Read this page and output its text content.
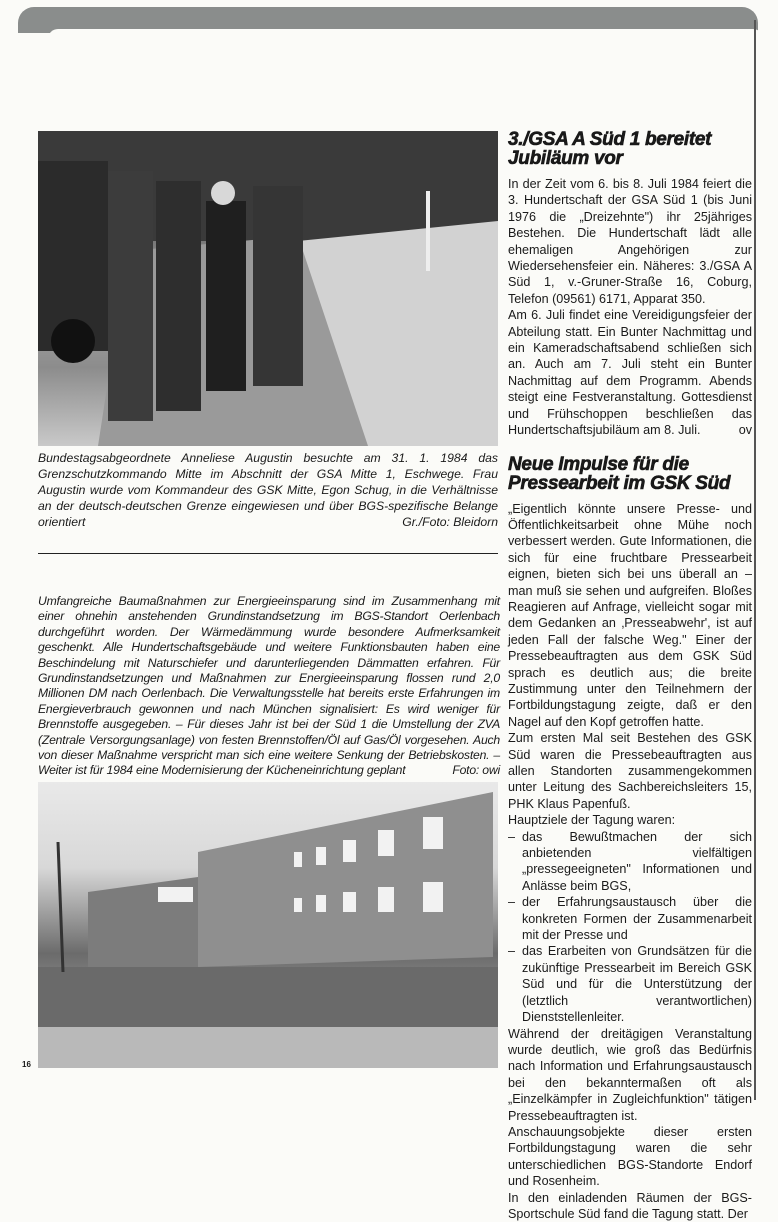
Bundestagsabgeordnete Anneliese Augustin besuchte am 31. 1. 1984 das Grenzschutzkommando Mitte im Abschnitt der GSA Mitte 1, Eschwege. Frau Augustin wurde vom Kommandeur des GSK Mitte, Egon Schug, in die Verhältnisse an der deutsch-deutschen Grenze eingewiesen und über BGS-spezifische Belange orientiert	Gr./Foto: Bleidorn
Umfangreiche Baumaßnahmen zur Energieeinsparung sind im Zusammenhang mit einer ohnehin anstehenden Grundinstandsetzung im BGS-Standort Oerlenbach durchgeführt worden. Der Wärmedämmung wurde besondere Aufmerksamkeit geschenkt. Alle Hundertschaftsgebäude und weitere Funktionsbauten haben eine Beschindelung mit Naturschiefer und darunterliegenden Dämmatten erfahren. Für Grundinstandsetzungen und Maßnahmen zur Energieeinsparung flossen rund 2,0 Millionen DM nach Oerlenbach. Die Verwaltungsstelle hat bereits erste Erfahrungen im Energieverbrauch gewonnen und nach München signalisiert: Es wird weniger für Brennstoffe ausgegeben. – Für dieses Jahr ist bei der Süd 1 die Umstellung der ZVA (Zentrale Versorgungsanlage) von festen Brennstoffen/Öl auf Gas/Öl vorgesehen. Auch von dieser Maßnahme verspricht man sich eine weitere Senkung der Betriebskosten. – Weiter ist für 1984 eine Modernisierung der Kücheneinrichtung geplant	Foto: owi
16
3./GSA A Süd 1 bereitet Jubiläum vor

In der Zeit vom 6. bis 8. Juli 1984 feiert die 3. Hundertschaft der GSA Süd 1 (bis Juni 1976 die „Dreizehnte") ihr 25jähriges Bestehen. Die Hundertschaft lädt alle ehemaligen Angehörigen zur Wiedersehensfeier ein. Näheres: 3./GSA A Süd 1, v.-Gruner-Straße 16, Coburg, Telefon (09561) 6171, Apparat 350.

Am 6. Juli findet eine Vereidigungsfeier der Abteilung statt. Ein Bunter Nachmittag und ein Kameradschaftsabend schließen sich an. Auch am 7. Juli steht ein Bunter Nachmittag auf dem Programm. Abends steigt eine Festveranstaltung. Gottesdienst und Frühschoppen beschließen das Hundertschaftsjubiläum am 8. Juli.	ov

Neue Impulse für die Pressearbeit im GSK Süd

„Eigentlich könnte unsere Presse- und Öffentlichkeitsarbeit ohne Mühe noch verbessert werden. Gute Informationen, die sich für eine fruchtbare Pressearbeit eignen, bieten sich bei uns überall an – man muß sie sehen und aufgreifen. Bloßes Reagieren auf Anfrage, vielleicht sogar mit dem Gedanken an ‚Presseabwehr', ist auf jeden Fall der falsche Weg." Einer der Pressebeauftragten aus dem GSK Süd sprach es deutlich aus; die breite Zustimmung unter den Teilnehmern der Fortbildungstagung zeigte, daß er den Nagel auf den Kopf getroffen hatte.

Zum ersten Mal seit Bestehen des GSK Süd waren die Pressebeauftragten aus allen Standorten zusammengekommen unter Leitung des Sachbereichsleiters 15, PHK Klaus Papenfuß.

Hauptziele der Tagung waren:

– das Bewußtmachen der sich anbietenden vielfältigen „pressegeeigneten" Informationen und Anlässe beim BGS,
– der Erfahrungsaustausch über die konkreten Formen der Zusammenarbeit mit der Presse und
– das Erarbeiten von Grundsätzen für die zukünftige Pressearbeit im Bereich GSK Süd und für die Unterstützung der (letztlich verantwortlichen) Dienststellenleiter.

Während der dreitägigen Veranstaltung wurde deutlich, wie groß das Bedürfnis nach Information und Erfahrungsaustausch bei den bekanntermaßen oft als „Einzelkämpfer in Zugleichfunktion" tätigen Pressebeauftragten ist.

Anschauungsobjekte dieser ersten Fortbildungstagung waren die sehr unterschiedlichen BGS-Standorte Endorf und Rosenheim.

In den einladenden Räumen der BGS-Sportschule Süd fand die Tagung statt. Der
